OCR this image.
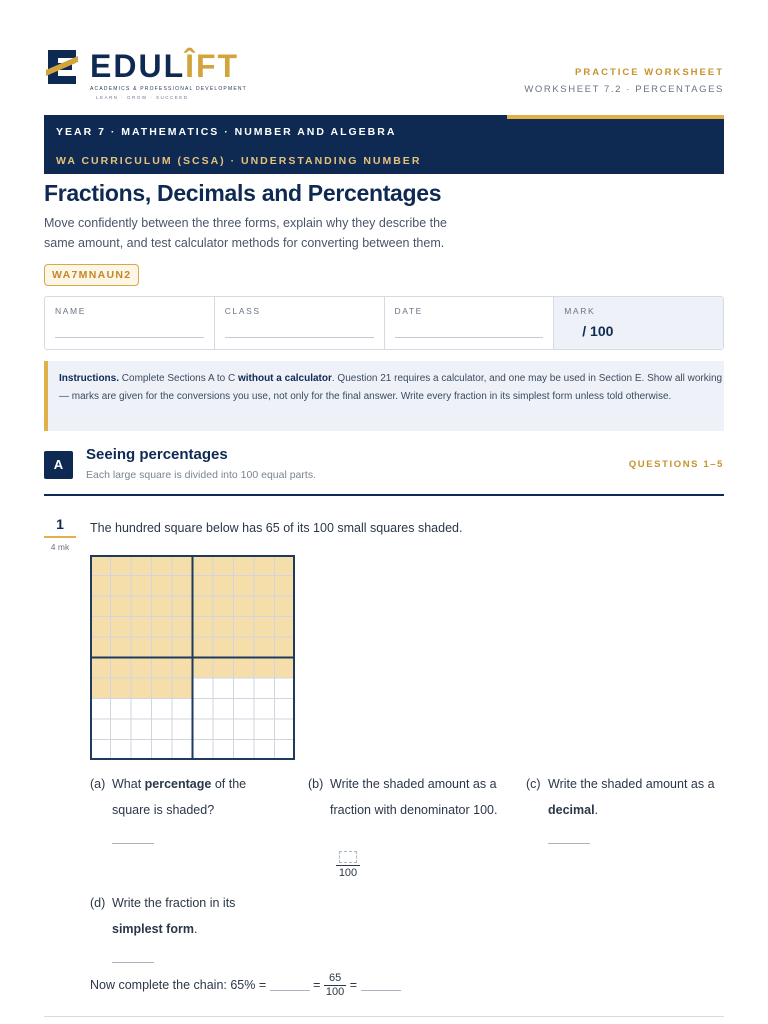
EDULÎFT
ACADEMICS & PROFESSIONAL DEVELOPMENT
LEARN · GROW · SUCCEED
PRACTICE WORKSHEET
WORKSHEET 7.2 · PERCENTAGES
YEAR 7 · MATHEMATICS · NUMBER AND ALGEBRA
WA CURRICULUM (SCSA) · UNDERSTANDING NUMBER
Fractions, Decimals and Percentages
Move confidently between the three forms, explain why they describe the same amount, and test calculator methods for converting between them.
WA7MNAUN2
NAME	CLASS	DATE	MARK
/ 100
Instructions. Complete Sections A to C without a calculator. Question 21 requires a calculator, and one may be used in Section E. Show all working — marks are given for the conversions you use, not only for the final answer. Write every fraction in its simplest form unless told otherwise.
A
Seeing percentages
Each large square is divided into 100 equal parts.
QUESTIONS 1–5
1
4 mk
The hundred square below has 65 of its 100 small squares shaded.
(a) What percentage of the square is shaded?
(b) Write the shaded amount as a fraction with denominator 100.
100
(c) Write the shaded amount as a decimal.
(d) Write the fraction in its simplest form.
Now complete the chain: 65% =	= $\frac{65}{100}$ =
